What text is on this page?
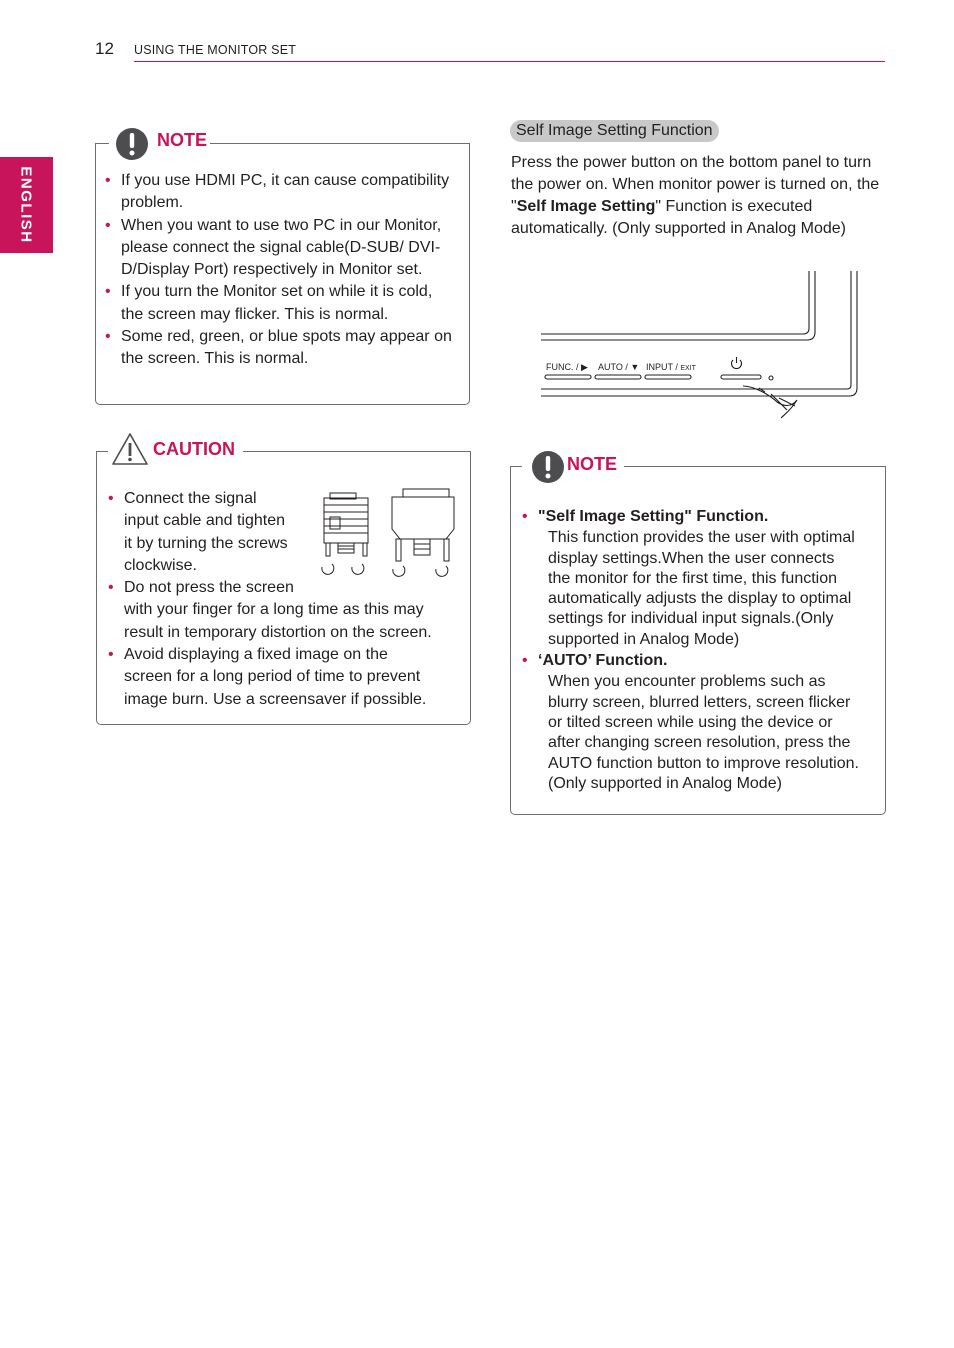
12 USING THE MONITOR SET
ENGLISH
NOTE
• If you use HDMI PC, it can cause compatibility problem.
• When you want to use two PC in our Monitor, please connect the signal cable(D-SUB/ DVI-D/Display Port) respectively in Monitor set.
• If you turn the Monitor set on while it is cold, the screen may flicker. This is normal.
• Some red, green, or blue spots may appear on the screen. This is normal.
CAUTION
• Connect the signal
input cable and tighten
it by turning the screws
clockwise.
• Do not press the screen
with your finger for a long time as this may
result in temporary distortion on the screen.
• Avoid displaying a fixed image on the
screen for a long period of time to prevent
image burn. Use a screensaver if possible.
Self Image Setting Function
Press the power button on the bottom panel to turn the power on. When monitor power is turned on, the "Self Image Setting" Function is executed automatically. (Only supported in Analog Mode)
FUNC. / ▶ AUTO / ▼ INPUT / EXIT
NOTE
• "Self Image Setting" Function.
This function provides the user with optimal
display settings.When the user connects
the monitor for the first time, this function
automatically adjusts the display to optimal
settings for individual input signals.(Only
supported in Analog Mode)
• ‘AUTO’ Function.
When you encounter problems such as
blurry screen, blurred letters, screen flicker
or tilted screen while using the device or
after changing screen resolution, press the
AUTO function button to improve resolution.
(Only supported in Analog Mode)
